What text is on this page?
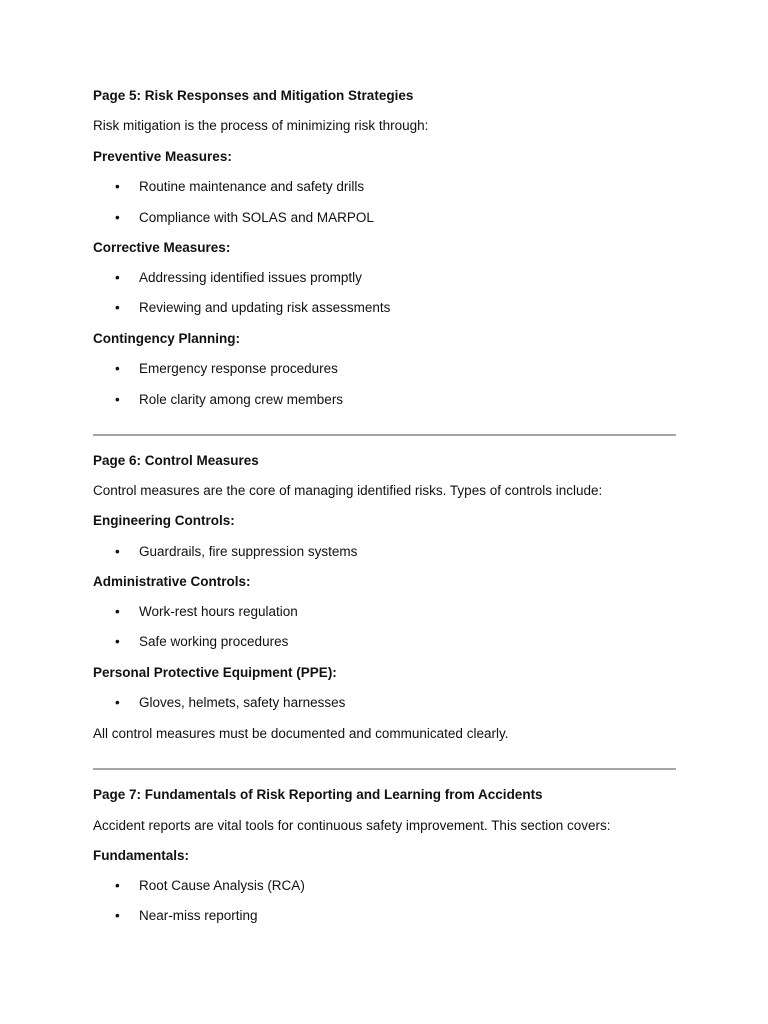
Page 5: Risk Responses and Mitigation Strategies
Risk mitigation is the process of minimizing risk through:
Preventive Measures:
• Routine maintenance and safety drills
• Compliance with SOLAS and MARPOL
Corrective Measures:
• Addressing identified issues promptly
• Reviewing and updating risk assessments
Contingency Planning:
• Emergency response procedures
• Role clarity among crew members
Page 6: Control Measures
Control measures are the core of managing identified risks. Types of controls include:
Engineering Controls:
• Guardrails, fire suppression systems
Administrative Controls:
• Work-rest hours regulation
• Safe working procedures
Personal Protective Equipment (PPE):
• Gloves, helmets, safety harnesses
All control measures must be documented and communicated clearly.
Page 7: Fundamentals of Risk Reporting and Learning from Accidents
Accident reports are vital tools for continuous safety improvement. This section covers:
Fundamentals:
• Root Cause Analysis (RCA)
• Near-miss reporting
